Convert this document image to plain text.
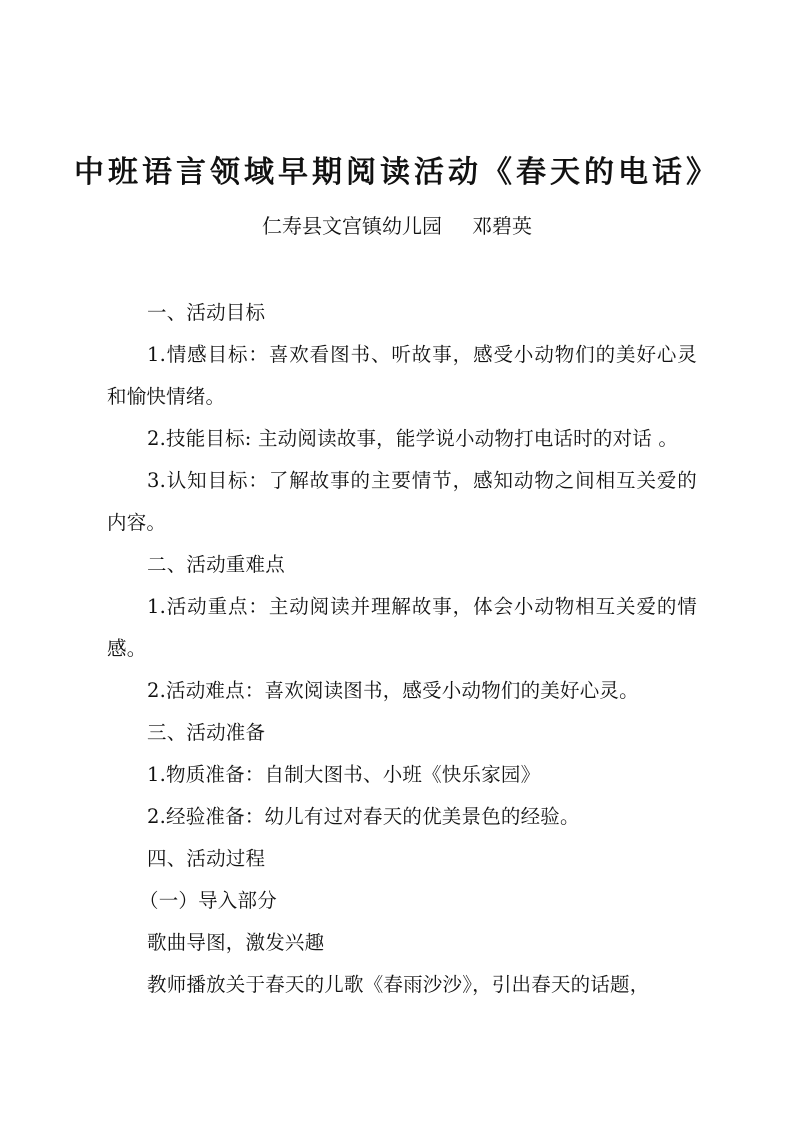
中班语言领域早期阅读活动《春天的电话》
仁寿县文宫镇幼儿园 邓碧英

一、活动目标

1.情感目标：喜欢看图书、听故事，感受小动物们的美好心灵和愉快情绪。

2.技能目标: 主动阅读故事，能学说小动物打电话时的对话 。

3.认知目标：了解故事的主要情节，感知动物之间相互关爱的内容。

二、活动重难点

1.活动重点：主动阅读并理解故事，体会小动物相互关爱的情感。

2.活动难点：喜欢阅读图书，感受小动物们的美好心灵。

三、活动准备

1.物质准备：自制大图书、小班《快乐家园》

2.经验准备：幼儿有过对春天的优美景色的经验。

四、活动过程

（一）导入部分

歌曲导图，激发兴趣

教师播放关于春天的儿歌《春雨沙沙》，引出春天的话题，
